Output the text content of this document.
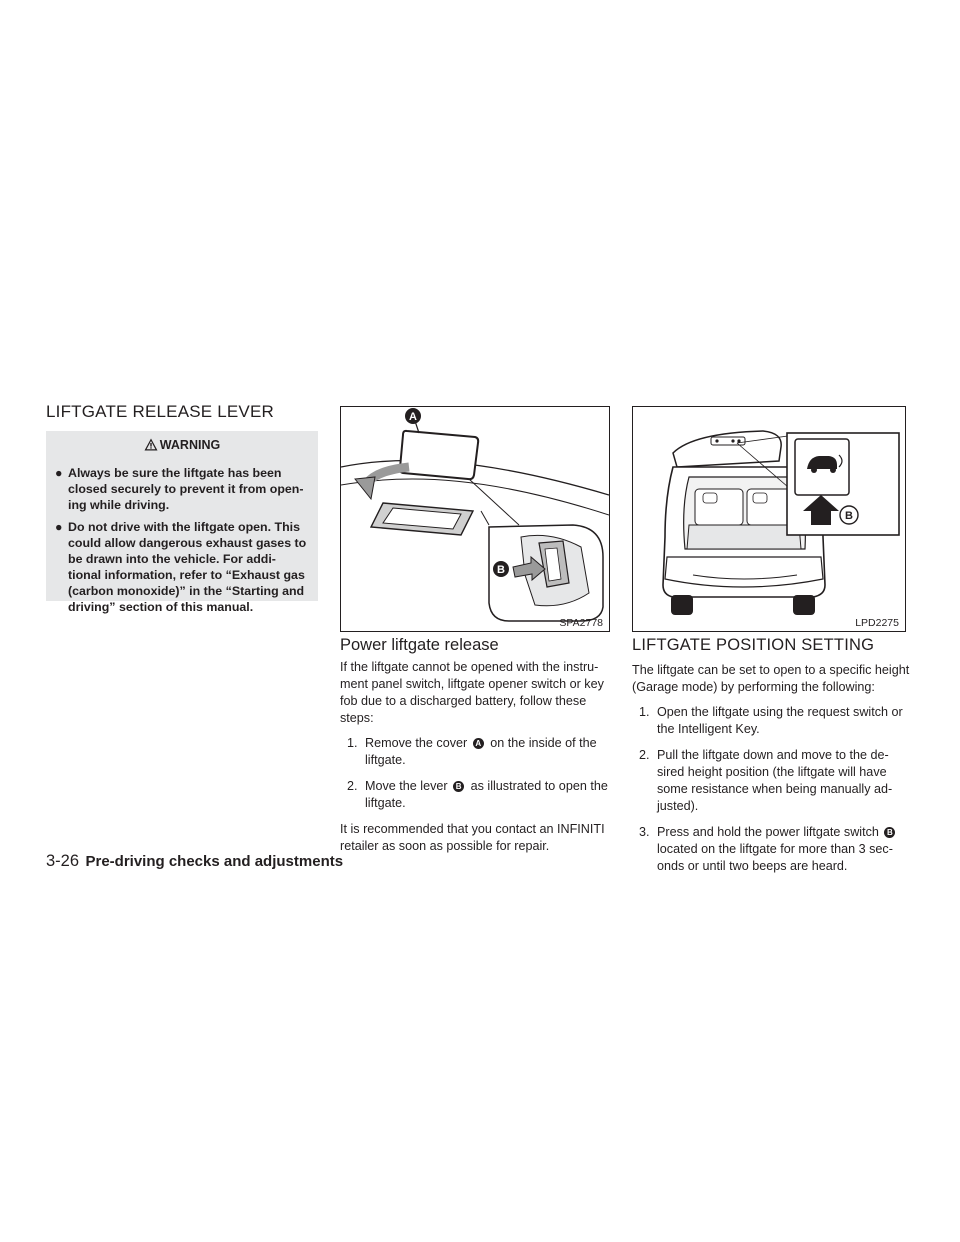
LIFTGATE RELEASE LEVER
WARNING
● Always be sure the liftgate has been closed securely to prevent it from open-ing while driving.
● Do not drive with the liftgate open. This could allow dangerous exhaust gases to be drawn into the vehicle. For addi-tional information, refer to “Exhaust gas (carbon monoxide)” in the “Starting and driving” section of this manual.
A
B
SPA2778
Power liftgate release

If the liftgate cannot be opened with the instru-ment panel switch, liftgate opener switch or key fob due to a discharged battery, follow these steps:

1. Remove the cover A on the inside of the liftgate.
2. Move the lever B as illustrated to open the liftgate.

It is recommended that you contact an INFINITI retailer as soon as possible for repair.

B
LPD2275
LIFTGATE POSITION SETTING

The liftgate can be set to open to a specific height (Garage mode) by performing the following:

1. Open the liftgate using the request switch or the Intelligent Key.
2. Pull the liftgate down and move to the de-sired height position (the liftgate will have some resistance when being manually ad-justed).
3. Press and hold the power liftgate switch B located on the liftgate for more than 3 sec-onds or until two beeps are heard.
3-26 Pre-driving checks and adjustments
